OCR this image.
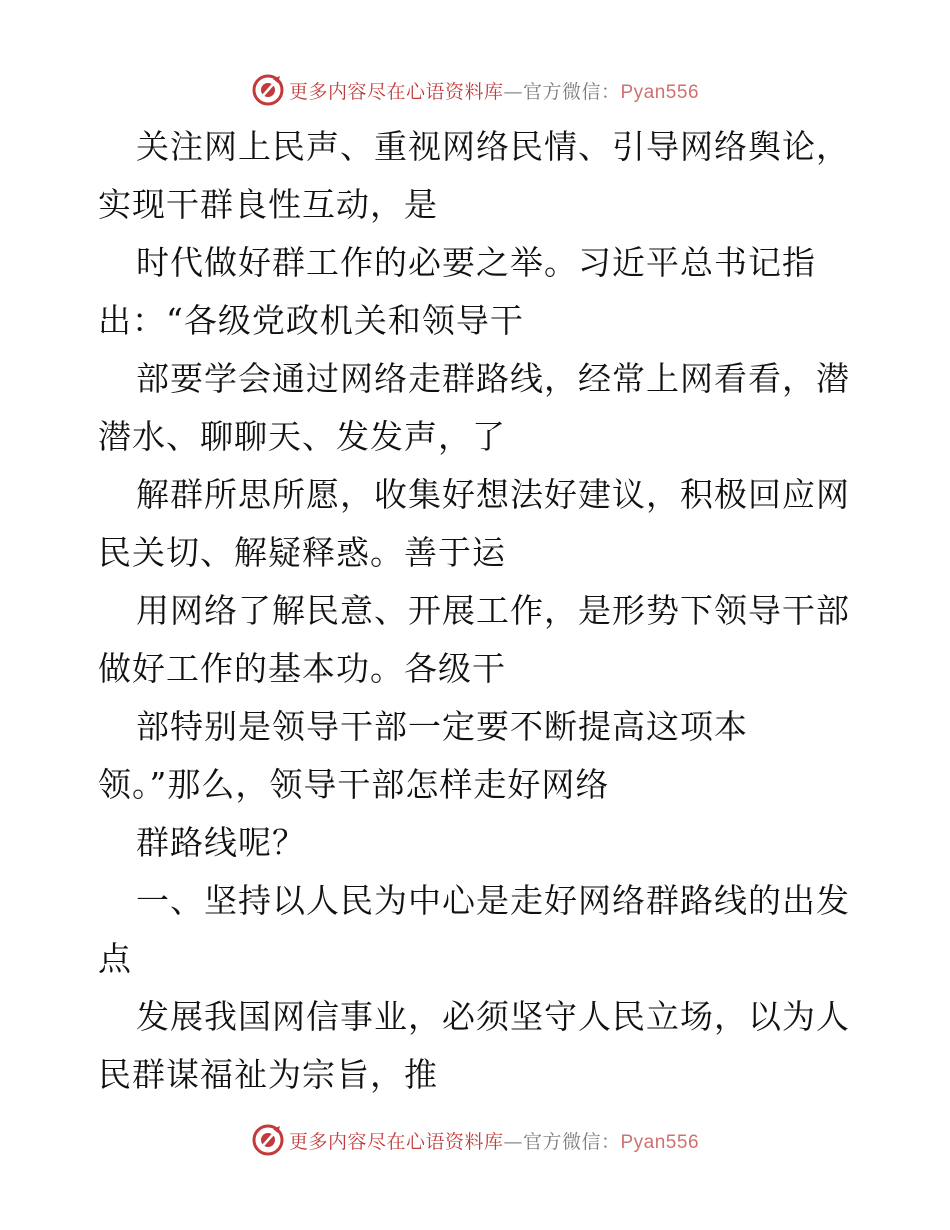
更多内容尽在心语资料库—官方微信：Pyan556
关注网上民声、重视网络民情、引导网络舆论，
实现干群良性互动，是
时代做好群工作的必要之举。习近平总书记指
出：“各级党政机关和领导干
部要学会通过网络走群路线，经常上网看看，潜
潜水、聊聊天、发发声，了
解群所思所愿，收集好想法好建议，积极回应网
民关切、解疑释惑。善于运
用网络了解民意、开展工作，是形势下领导干部
做好工作的基本功。各级干
部特别是领导干部一定要不断提高这项本
领。”那么，领导干部怎样走好网络
群路线呢？
一、坚持以人民为中心是走好网络群路线的出发
点
发展我国网信事业，必须坚守人民立场，以为人
民群谋福祉为宗旨，推
更多内容尽在心语资料库—官方微信：Pyan556
